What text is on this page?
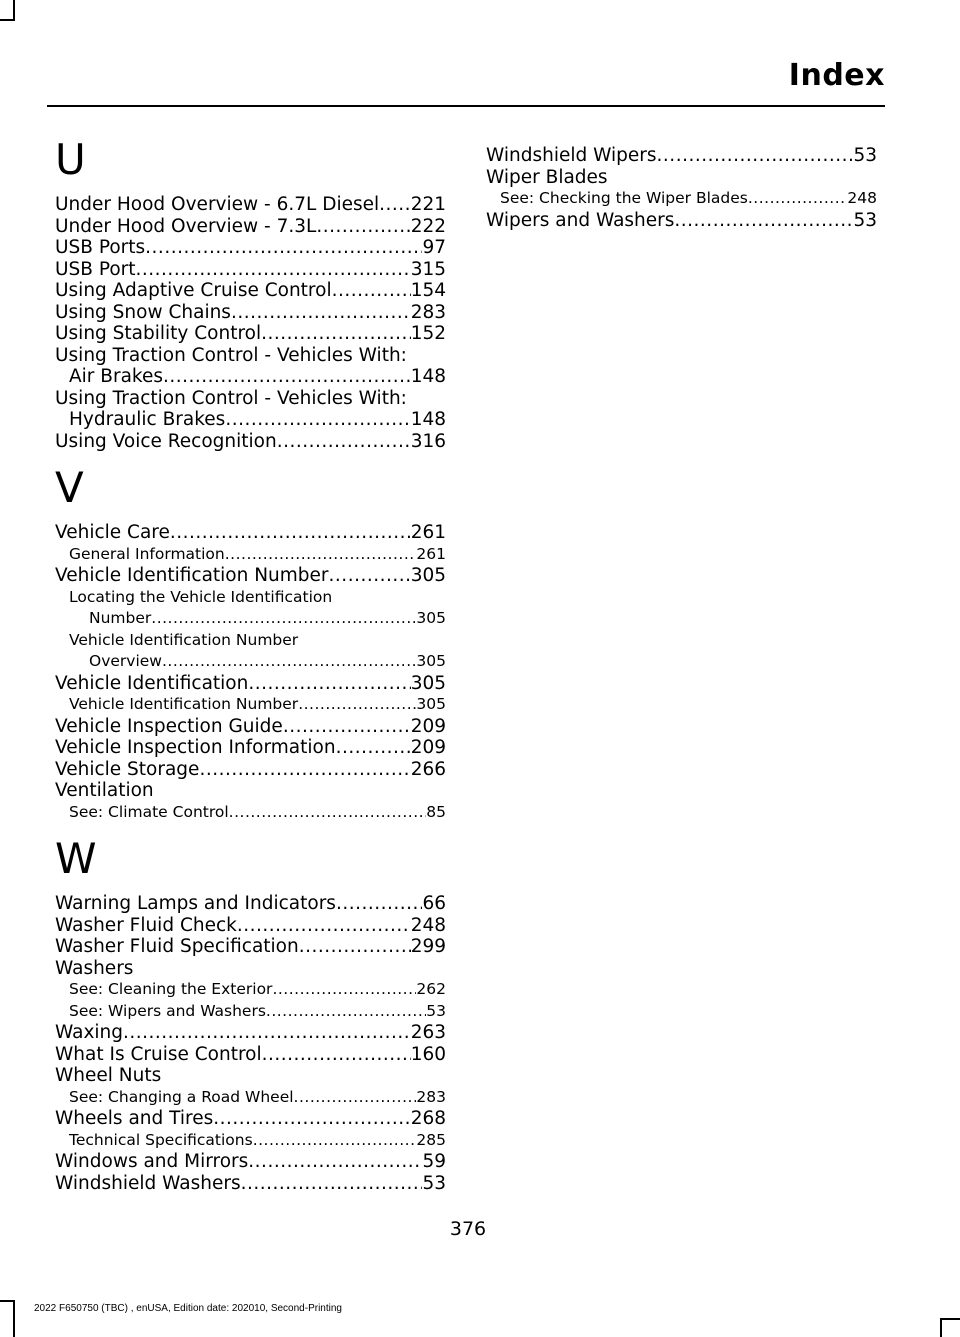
Index
U
Under Hood Overview - 6.7L Diesel ..... 221
Under Hood Overview - 7.3L .....	222
USB Ports .....	97
USB Port .....	315
Using Adaptive Cruise Control .....	154
Using Snow Chains .....	283
Using Stability Control .....	152
Using Traction Control - Vehicles With:
Air Brakes .....	148
Using Traction Control - Vehicles With:
Hydraulic Brakes .....	148
Using Voice Recognition .....	316
V
Vehicle Care .....	261
General Information .....	261
Vehicle Identification Number .....	305
Locating the Vehicle Identification
Number .....	305
Vehicle Identification Number
Overview .....	305
Vehicle Identification .....	305
Vehicle Identification Number .....	305
Vehicle Inspection Guide .....	209
Vehicle Inspection Information .....	209
Vehicle Storage .....	266
Ventilation
See: Climate Control .....	85
W
Warning Lamps and Indicators .....	66
Washer Fluid Check .....	248
Washer Fluid Specification .....	299
Washers
See: Cleaning the Exterior .....	262
See: Wipers and Washers .....	53
Waxing .....	263
What Is Cruise Control .....	160
Wheel Nuts
See: Changing a Road Wheel .....	283
Wheels and Tires .....	268
Technical Specifications .....	285
Windows and Mirrors .....	59
Windshield Washers .....	53
Windshield Wipers .....	53
Wiper Blades
See: Checking the Wiper Blades .....	248
Wipers and Washers .....	53
376
2022 F650750 (TBC) , enUSA, Edition date: 202010, Second-Printing
